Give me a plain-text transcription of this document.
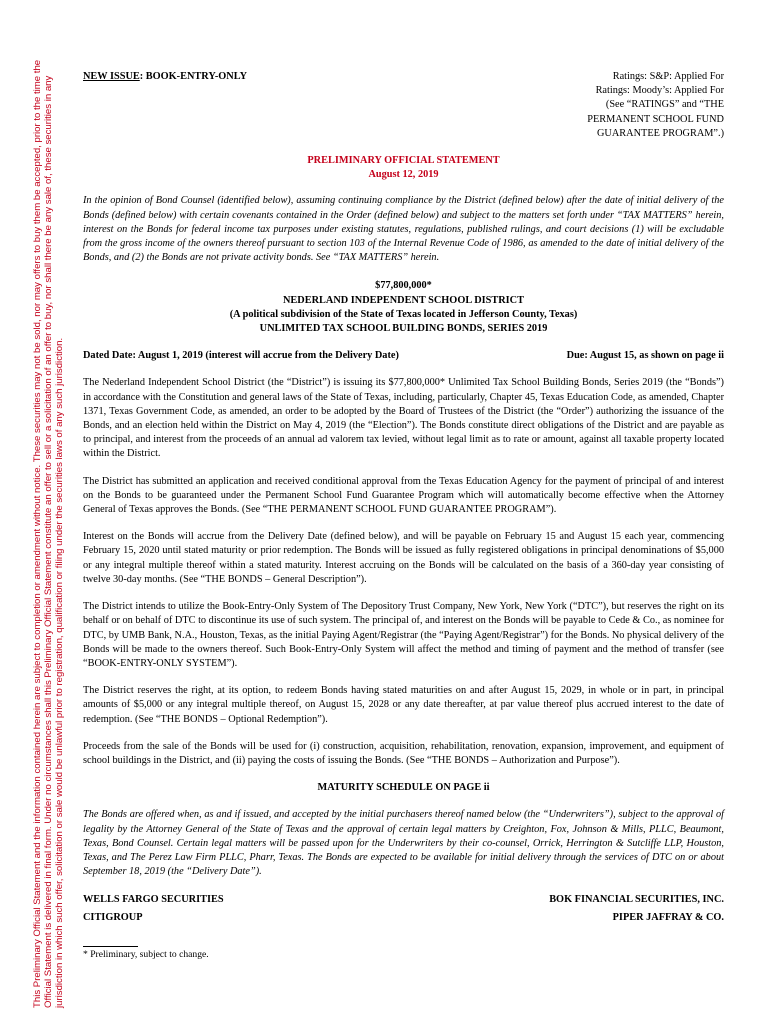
This Preliminary Official Statement and the information contained herein are subject to completion or amendment without notice. These securities may not be sold, nor may offers to buy them be accepted, prior to the time the Official Statement is delivered in final form. Under no circumstances shall this Preliminary Official Statement constitute an offer to sell or a solicitation of an offer to buy, nor shall there be any sale of, these securities in any jurisdiction in which such offer, solicitation or sale would be unlawful prior to registration, qualification or filing under the securities laws of any such jurisdiction.
NEW ISSUE: BOOK-ENTRY-ONLY	Ratings: S&P: Applied For
Ratings: Moody’s: Applied For
(See “RATINGS” and “THE
PERMANENT SCHOOL FUND
GUARANTEE PROGRAM”.)
PRELIMINARY OFFICIAL STATEMENT
August 12, 2019
In the opinion of Bond Counsel (identified below), assuming continuing compliance by the District (defined below) after the date of initial delivery of the Bonds (defined below) with certain covenants contained in the Order (defined below) and subject to the matters set forth under “TAX MATTERS” herein, interest on the Bonds for federal income tax purposes under existing statutes, regulations, published rulings, and court decisions (1) will be excludable from the gross income of the owners thereof pursuant to section 103 of the Internal Revenue Code of 1986, as amended to the date of initial delivery of the Bonds, and (2) the Bonds are not private activity bonds. See “TAX MATTERS” herein.
$77,800,000*
NEDERLAND INDEPENDENT SCHOOL DISTRICT
(A political subdivision of the State of Texas located in Jefferson County, Texas)
UNLIMITED TAX SCHOOL BUILDING BONDS, SERIES 2019
Dated Date: August 1, 2019 (interest will accrue from the Delivery Date)	Due: August 15, as shown on page ii
The Nederland Independent School District (the “District”) is issuing its $77,800,000* Unlimited Tax School Building Bonds, Series 2019 (the “Bonds”) in accordance with the Constitution and general laws of the State of Texas, including, particularly, Chapter 45, Texas Education Code, as amended, Chapter 1371, Texas Government Code, as amended, an order to be adopted by the Board of Trustees of the District (the “Order”) authorizing the issuance of the Bonds, and an election held within the District on May 4, 2019 (the “Election”). The Bonds constitute direct obligations of the District and are payable as to principal, and interest from the proceeds of an annual ad valorem tax levied, without legal limit as to rate or amount, against all taxable property located within the District.
The District has submitted an application and received conditional approval from the Texas Education Agency for the payment of principal of and interest on the Bonds to be guaranteed under the Permanent School Fund Guarantee Program which will automatically become effective when the Attorney General of Texas approves the Bonds. (See “THE PERMANENT SCHOOL FUND GUARANTEE PROGRAM”).
Interest on the Bonds will accrue from the Delivery Date (defined below), and will be payable on February 15 and August 15 each year, commencing February 15, 2020 until stated maturity or prior redemption. The Bonds will be issued as fully registered obligations in principal denominations of $5,000 or any integral multiple thereof within a stated maturity. Interest accruing on the Bonds will be calculated on the basis of a 360-day year consisting of twelve 30-day months. (See “THE BONDS – General Description”).
The District intends to utilize the Book-Entry-Only System of The Depository Trust Company, New York, New York (“DTC”), but reserves the right on its behalf or on behalf of DTC to discontinue its use of such system. The principal of, and interest on the Bonds will be payable to Cede & Co., as nominee for DTC, by UMB Bank, N.A., Houston, Texas, as the initial Paying Agent/Registrar (the “Paying Agent/Registrar”) for the Bonds. No physical delivery of the Bonds will be made to the owners thereof. Such Book-Entry-Only System will affect the method and timing of payment and the method of transfer (see “BOOK-ENTRY-ONLY SYSTEM”).
The District reserves the right, at its option, to redeem Bonds having stated maturities on and after August 15, 2029, in whole or in part, in principal amounts of $5,000 or any integral multiple thereof, on August 15, 2028 or any date thereafter, at par value thereof plus accrued interest to the date of redemption. (See “THE BONDS – Optional Redemption”).
Proceeds from the sale of the Bonds will be used for (i) construction, acquisition, rehabilitation, renovation, expansion, improvement, and equipment of school buildings in the District, and (ii) paying the costs of issuing the Bonds. (See “THE BONDS – Authorization and Purpose”).
MATURITY SCHEDULE ON PAGE ii
The Bonds are offered when, as and if issued, and accepted by the initial purchasers thereof named below (the “Underwriters”), subject to the approval of legality by the Attorney General of the State of Texas and the approval of certain legal matters by Creighton, Fox, Johnson & Mills, PLLC, Beaumont, Texas, Bond Counsel. Certain legal matters will be passed upon for the Underwriters by their co-counsel, Orrick, Herrington & Sutcliffe LLP, Houston, Texas, and The Perez Law Firm PLLC, Pharr, Texas. The Bonds are expected to be available for initial delivery through the services of DTC on or about September 18, 2019 (the “Delivery Date”).
WELLS FARGO SECURITIES
CITIGROUP
BOK FINANCIAL SECURITIES, INC.
PIPER JAFFRAY & CO.
* Preliminary, subject to change.
